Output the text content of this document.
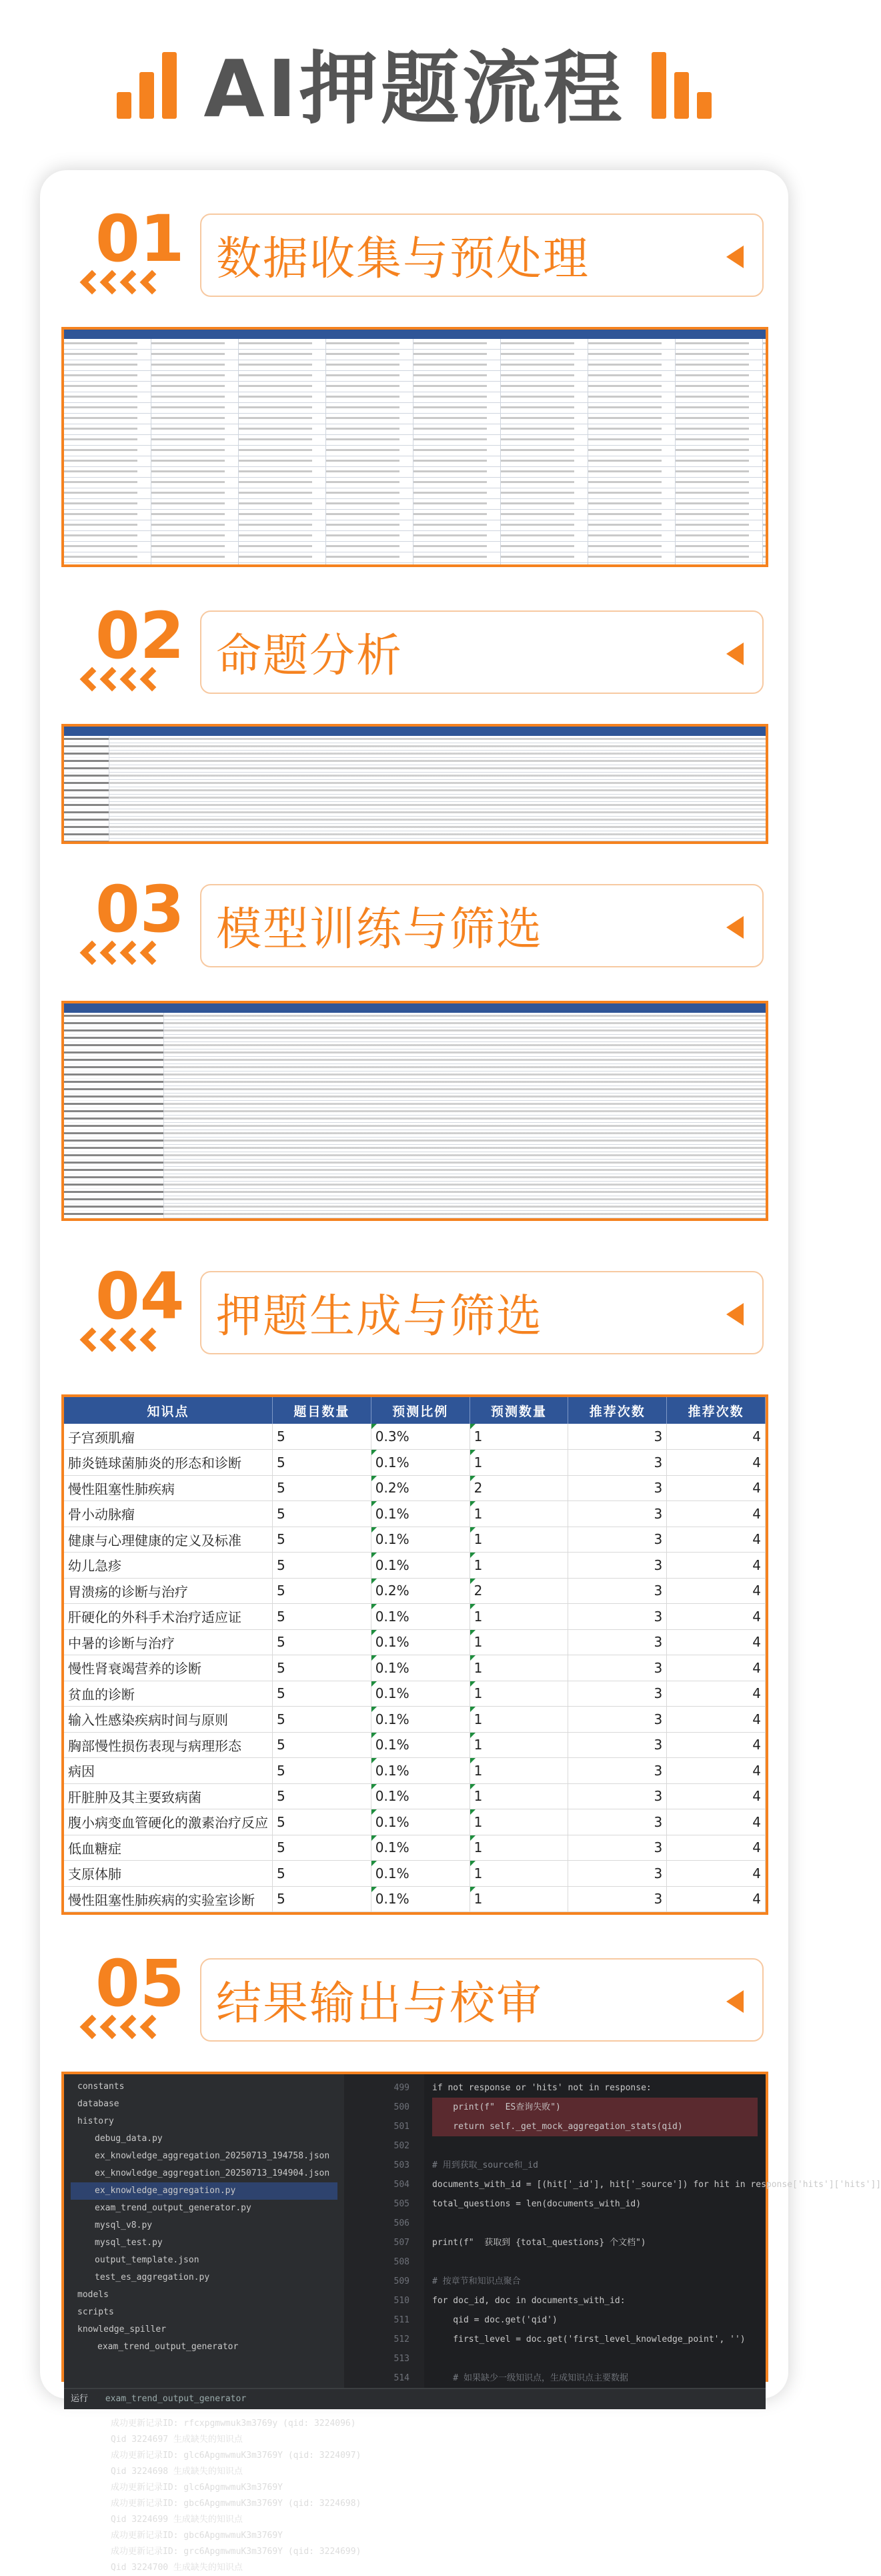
AI押题流程
01 数据收集与预处理
02 命题分析
03 模型训练与筛选
04 押题生成与筛选
知识点	题目数量	预测比例	预测数量	推荐次数	推荐次数
子宫颈肌瘤	5	0.3%	1	3	4
肺炎链球菌肺炎的形态和诊断	5	0.1%	1	3	4
慢性阻塞性肺疾病	5	0.2%	2	3	4
骨小动脉瘤	5	0.1%	1	3	4
健康与心理健康的定义及标准	5	0.1%	1	3	4
幼儿急疹	5	0.1%	1	3	4
胃溃疡的诊断与治疗	5	0.2%	2	3	4
肝硬化的外科手术治疗适应证	5	0.1%	1	3	4
中暑的诊断与治疗	5	0.1%	1	3	4
慢性肾衰竭营养的诊断	5	0.1%	1	3	4
贫血的诊断	5	0.1%	1	3	4
输入性感染疾病时间与原则	5	0.1%	1	3	4
胸部慢性损伤表现与病理形态	5	0.1%	1	3	4
病因	5	0.1%	1	3	4
肝脏肿及其主要致病菌	5	0.1%	1	3	4
腹小病变血管硬化的激素治疗反应	5	0.1%	1	3	4
低血糖症	5	0.1%	1	3	4
支原体肺	5	0.1%	1	3	4
慢性阻塞性肺疾病的实验室诊断	5	0.1%	1	3	4
05 结果输出与校审
constants
database
history
debug_data.py
ex_knowledge_aggregation_20250713_194758.json
ex_knowledge_aggregation_20250713_194904.json
ex_knowledge_aggregation.py
exam_trend_output_generator.py
mysql_v8.py
mysql_test.py
output_template.json
test_es_aggregation.py
models
scripts
knowledge_spiller
exam_trend_output_generator
499
500
501
502
503
504
505
506
507
508
509
510
511
512
513
514
if not response or 'hits' not in response:
print(f"  ES查询失败")
return self._get_mock_aggregation_stats(qid)
# 用到获取_source和_id
documents_with_id = [(hit['_id'], hit['_source']) for hit in response['hits']['hits']]
total_questions = len(documents_with_id)
print(f"  获取到 {total_questions} 个文档")
# 按章节和知识点聚合
for doc_id, doc in documents_with_id:
qid = doc.get('qid')
first_level = doc.get('first_level_knowledge_point', '')
# 如果缺少一级知识点，生成知识点主要数据
运行 exam_trend_output_generator
成功更新记录ID: rfcxpgmwmuk3m3769y (qid: 3224096)
Qid 3224697 生成缺失的知识点
成功更新记录ID: glc6ApgmwmuK3m3769Y (qid: 3224097)
Qid 3224698 生成缺失的知识点
成功更新记录ID: glc6ApgmwmuK3m3769Y
成功更新记录ID: gbc6ApgmwmuK3m3769Y (qid: 3224698)
Qid 3224699 生成缺失的知识点
成功更新记录ID: gbc6ApgmwmuK3m3769Y
成功更新记录ID: grc6ApgmwmuK3m3769Y (qid: 3224699)
Qid 3224700 生成缺失的知识点
